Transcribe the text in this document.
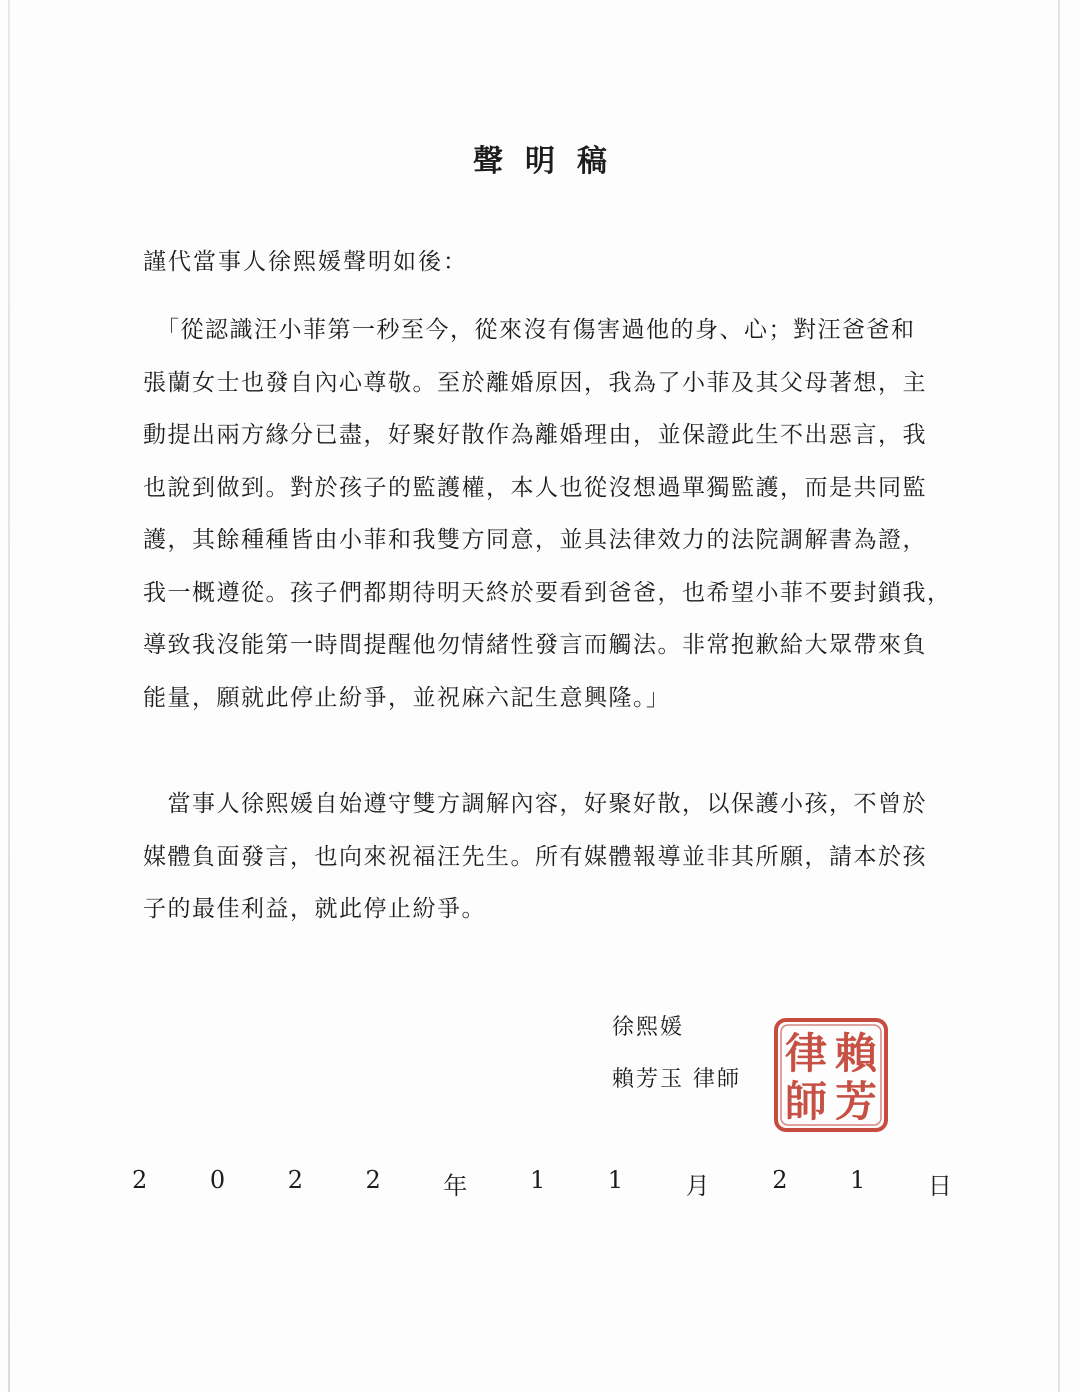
聲明稿
謹代當事人徐熙媛聲明如後：
　「從認識汪小菲第一秒至今，從來沒有傷害過他的身、心；對汪爸爸和
張蘭女士也發自內心尊敬。至於離婚原因，我為了小菲及其父母著想，主
動提出兩方緣分已盡，好聚好散作為離婚理由，並保證此生不出惡言，我
也說到做到。對於孩子的監護權，本人也從沒想過單獨監護，而是共同監
護，其餘種種皆由小菲和我雙方同意，並具法律效力的法院調解書為證，
我一概遵從。孩子們都期待明天終於要看到爸爸，也希望小菲不要封鎖我，
導致我沒能第一時間提醒他勿情緒性發言而觸法。非常抱歉給大眾帶來負
能量，願就此停止紛爭，並祝麻六記生意興隆。」
　當事人徐熙媛自始遵守雙方調解內容，好聚好散，以保護小孩，不曾於
媒體負面發言，也向來祝福汪先生。所有媒體報導並非其所願，請本於孩
子的最佳利益，就此停止紛爭。
徐熙媛
賴芳玉 律師
賴
芳
律
師
2	0	2	2	年	1	1	月	2	1	日
